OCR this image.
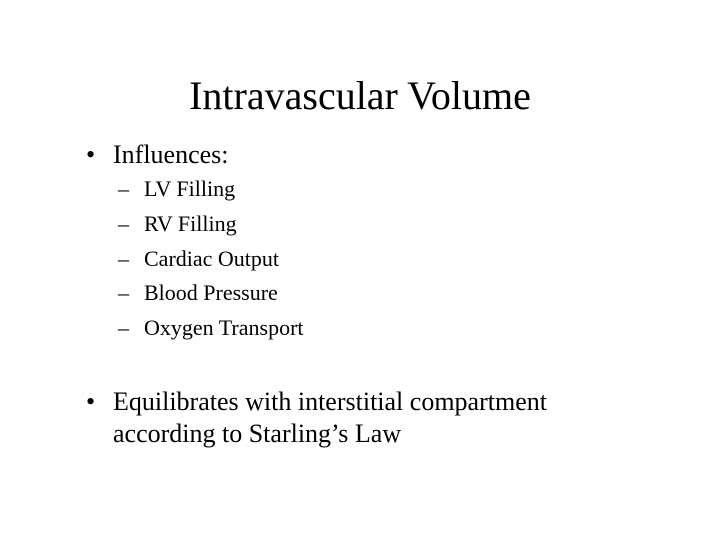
Intravascular Volume
• Influences:
– LV Filling
– RV Filling
– Cardiac Output
– Blood Pressure
– Oxygen Transport
• Equilibrates with interstitial compartment
according to Starling’s Law
